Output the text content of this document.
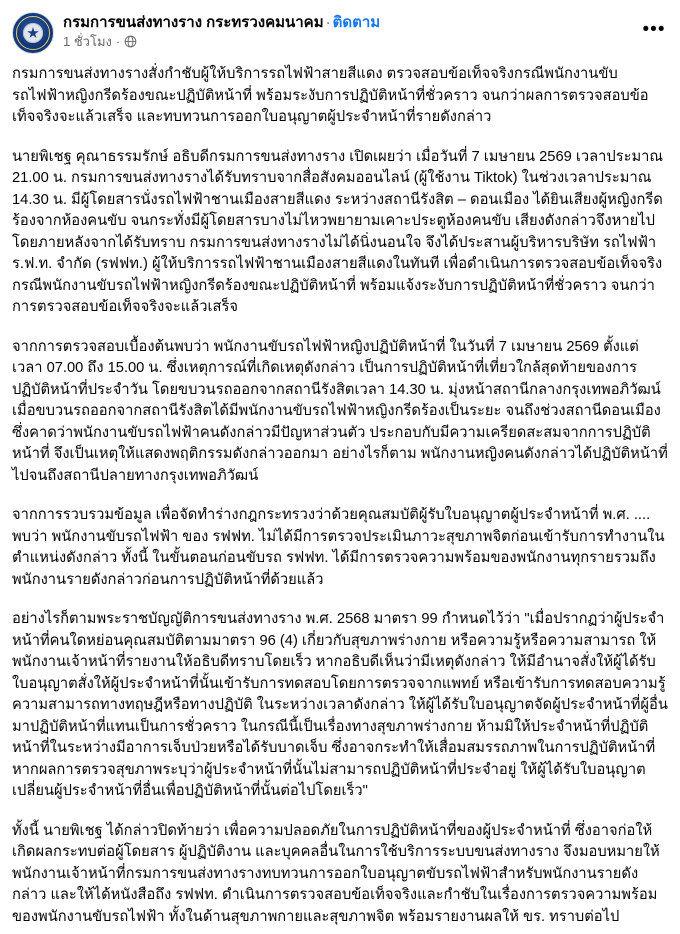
กรมการขนส่งทางราง กระทรวงคมนาคม · ติดตาม
1 ชั่วโมง ·
•••

กรมการขนส่งทางรางสั่งกำชับผู้ให้บริการรถไฟฟ้าสายสีแดง ตรวจสอบข้อเท็จจริงกรณีพนักงานขับรถไฟฟ้าหญิงกรีดร้องขณะปฏิบัติหน้าที่ พร้อมระงับการปฏิบัติหน้าที่ชั่วคราว จนกว่าผลการตรวจสอบข้อเท็จจริงจะแล้วเสร็จ และทบทวนการออกใบอนุญาตผู้ประจำหน้าที่รายดังกล่าว

นายพิเชฐ คุณาธรรมรักษ์ อธิบดีกรมการขนส่งทางราง เปิดเผยว่า เมื่อวันที่ 7 เมษายน 2569 เวลาประมาณ 21.00 น. กรมการขนส่งทางรางได้รับทราบจากสื่อสังคมออนไลน์ (ผู้ใช้งาน Tiktok) ในช่วงเวลาประมาณ 14.30 น. มีผู้โดยสารนั่งรถไฟฟ้าชานเมืองสายสีแดง ระหว่างสถานีรังสิต – ดอนเมือง ได้ยินเสียงผู้หญิงกรีดร้องจากห้องคนขับ จนกระทั่งมีผู้โดยสารบางไม่ไหวพยายามเคาะประตูห้องคนขับ เสียงดังกล่าวจึงหายไป โดยภายหลังจากได้รับทราบ กรมการขนส่งทางรางไม่ได้นิ่งนอนใจ จึงได้ประสานผู้บริหารบริษัท รถไฟฟ้า ร.ฟ.ท. จำกัด (รฟฟท.) ผู้ให้บริการรถไฟฟ้าชานเมืองสายสีแดงในทันที เพื่อดำเนินการตรวจสอบข้อเท็จจริงกรณีพนักงานขับรถไฟฟ้าหญิงกรีดร้องขณะปฏิบัติหน้าที่ พร้อมแจ้งระงับการปฏิบัติหน้าที่ชั่วคราว จนกว่าการตรวจสอบข้อเท็จจริงจะแล้วเสร็จ

จากการตรวจสอบเบื้องต้นพบว่า พนักงานขับรถไฟฟ้าหญิงปฏิบัติหน้าที่ ในวันที่ 7 เมษายน 2569 ตั้งแต่เวลา 07.00 ถึง 15.00 น. ซึ่งเหตุการณ์ที่เกิดเหตุดังกล่าว เป็นการปฏิบัติหน้าที่เที่ยวใกล้สุดท้ายของการปฏิบัติหน้าที่ประจำวัน โดยขบวนรถออกจากสถานีรังสิตเวลา 14.30 น. มุ่งหน้าสถานีกลางกรุงเทพอภิวัฒน์ เมื่อขบวนรถออกจากสถานีรังสิตได้มีพนักงานขับรถไฟฟ้าหญิงกรีดร้องเป็นระยะ จนถึงช่วงสถานีดอนเมือง ซึ่งคาดว่าพนักงานขับรถไฟฟ้าคนดังกล่าวมีปัญหาส่วนตัว ประกอบกับมีความเครียดสะสมจากการปฏิบัติหน้าที่ จึงเป็นเหตุให้แสดงพฤติกรรมดังกล่าวออกมา อย่างไรก็ตาม พนักงานหญิงคนดังกล่าวได้ปฏิบัติหน้าที่ไปจนถึงสถานีปลายทางกรุงเทพอภิวัฒน์

จากการรวบรวมข้อมูล เพื่อจัดทำร่างกฎกระทรวงว่าด้วยคุณสมบัติผู้รับใบอนุญาตผู้ประจำหน้าที่ พ.ศ. .... พบว่า พนักงานขับรถไฟฟ้า ของ รฟฟท. ไม่ได้มีการตรวจประเมินภาวะสุขภาพจิตก่อนเข้ารับการทำงานในตำแหน่งดังกล่าว ทั้งนี้ ในขั้นตอนก่อนขับรถ รฟฟท. ได้มีการตรวจความพร้อมของพนักงานทุกรายรวมถึงพนักงานรายดังกล่าวก่อนการปฏิบัติหน้าที่ด้วยแล้ว

อย่างไรก็ตามพระราชบัญญัติการขนส่งทางราง พ.ศ. 2568 มาตรา 99 กำหนดไว้ว่า "เมื่อปรากฏว่าผู้ประจำหน้าที่คนใดหย่อนคุณสมบัติตามมาตรา 96 (4) เกี่ยวกับสุขภาพร่างกาย หรือความรู้หรือความสามารถ ให้พนักงานเจ้าหน้าที่รายงานให้อธิบดีทราบโดยเร็ว หากอธิบดีเห็นว่ามีเหตุดังกล่าว ให้มีอำนาจสั่งให้ผู้ได้รับใบอนุญาตสั่งให้ผู้ประจำหน้าที่นั้นเข้ารับการทดสอบโดยการตรวจจากแพทย์ หรือเข้ารับการทดสอบความรู้ความสามารถทางทฤษฎีหรือทางปฏิบัติ ในระหว่างเวลาดังกล่าว ให้ผู้ได้รับใบอนุญาตจัดผู้ประจำหน้าที่ผู้อื่นมาปฏิบัติหน้าที่แทนเป็นการชั่วคราว ในกรณีนี้เป็นเรื่องทางสุขภาพร่างกาย ห้ามมิให้ประจำหน้าที่ปฏิบัติหน้าที่ในระหว่างมีอาการเจ็บป่วยหรือได้รับบาดเจ็บ ซึ่งอาจกระทำให้เสื่อมสมรรถภาพในการปฏิบัติหน้าที่ หากผลการตรวจสุขภาพระบุว่าผู้ประจำหน้าที่นั้นไม่สามารถปฏิบัติหน้าที่ประจำอยู่ ให้ผู้ได้รับใบอนุญาตเปลี่ยนผู้ประจำหน้าที่อื่นเพื่อปฏิบัติหน้าที่นั้นต่อไปโดยเร็ว"

ทั้งนี้ นายพิเชฐ ได้กล่าวปิดท้ายว่า เพื่อความปลอดภัยในการปฏิบัติหน้าที่ของผู้ประจำหน้าที่ ซึ่งอาจก่อให้เกิดผลกระทบต่อผู้โดยสาร ผู้ปฏิบัติงาน และบุคคลอื่นในการใช้บริการระบบขนส่งทางราง จึงมอบหมายให้พนักงานเจ้าหน้าที่กรมการขนส่งทางรางทบทวนการออกใบอนุญาตขับรถไฟฟ้าสำหรับพนักงานรายดังกล่าว และให้ได้หนังสือถึง รฟฟท. ดำเนินการตรวจสอบข้อเท็จจริงและกำชับในเรื่องการตรวจความพร้อมของพนักงานขับรถไฟฟ้า ทั้งในด้านสุขภาพกายและสุขภาพจิต พร้อมรายงานผลให้ ขร. ทราบต่อไป
